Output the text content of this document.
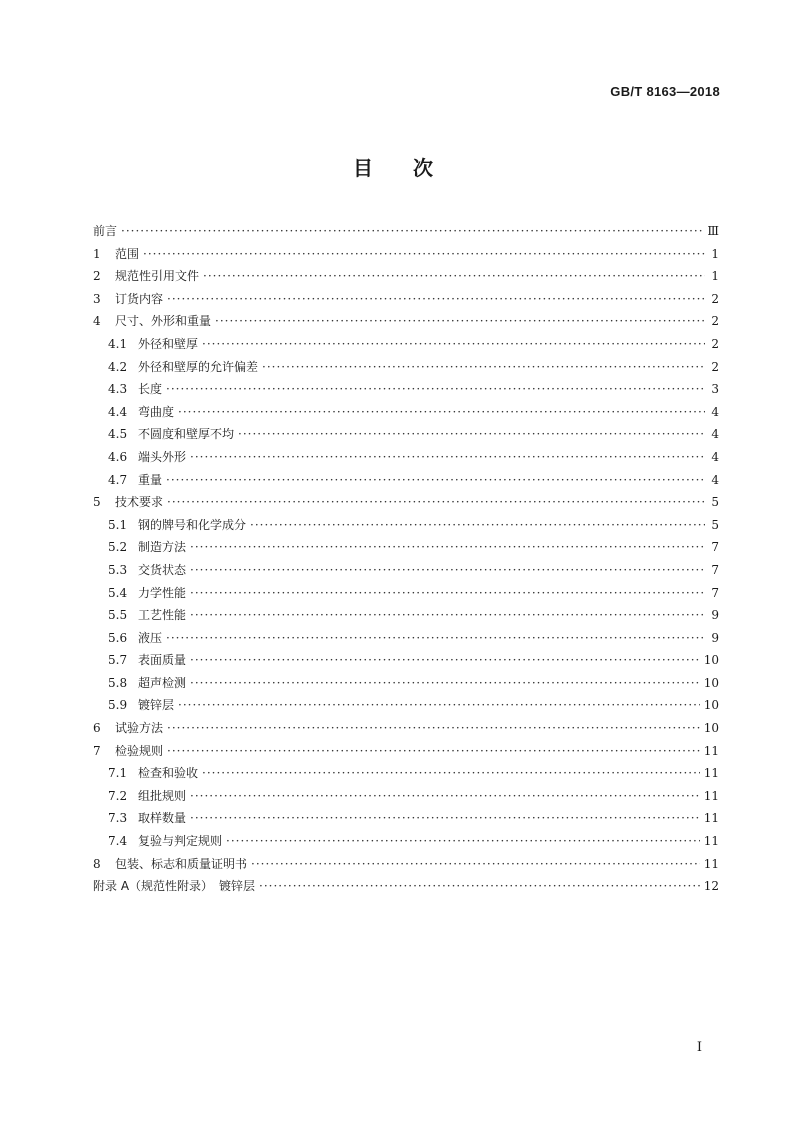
GB/T 8163—2018
目 次
前言 ·····	Ⅲ
1	范围 ·····	1
2	规范性引用文件 ·····	1
3	订货内容 ·····	2
4	尺寸、外形和重量 ·····	2
4.1 外径和壁厚 ·····	2
4.2 外径和壁厚的允许偏差 ·····	2
4.3 长度 ·····	3
4.4 弯曲度 ·····	4
4.5 不圆度和壁厚不均 ·····	4
4.6 端头外形 ·····	4
4.7 重量 ·····	4
5	技术要求 ·····	5
5.1 钢的牌号和化学成分 ·····	5
5.2 制造方法 ·····	7
5.3 交货状态 ·····	7
5.4 力学性能 ·····	7
5.5 工艺性能 ·····	9
5.6 液压 ·····	9
5.7 表面质量 ·····	10
5.8 超声检测 ·····	10
5.9 镀锌层 ·····	10
6	试验方法 ·····	10
7	检验规则 ·····	11
7.1 检查和验收 ·····	11
7.2 组批规则 ·····	11
7.3 取样数量 ·····	11
7.4 复验与判定规则 ·····	11
8	包装、标志和质量证明书 ·····	11
附录 A（规范性附录）　镀锌层 ·····	12
I
